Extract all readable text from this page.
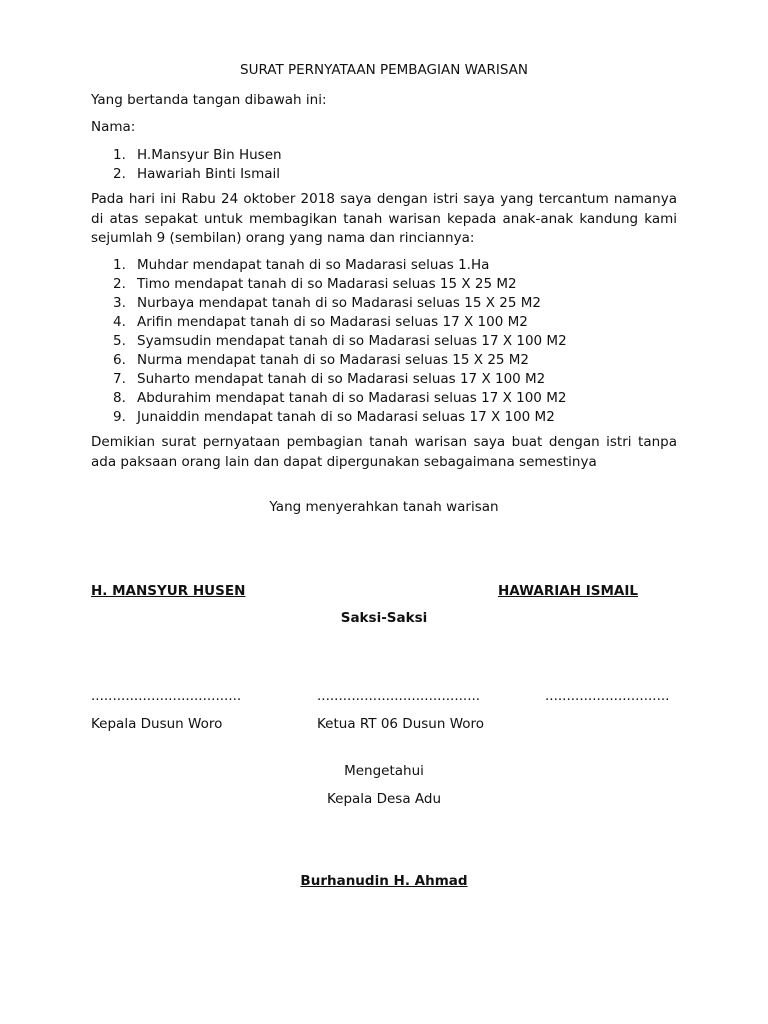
SURAT PERNYATAAN PEMBAGIAN WARISAN
Yang bertanda tangan dibawah ini:
Nama:
1. H.Mansyur Bin Husen
2. Hawariah Binti Ismail
Pada hari ini Rabu 24 oktober 2018 saya dengan istri saya yang tercantum namanya di atas sepakat untuk membagikan tanah warisan kepada anak-anak kandung kami sejumlah 9 (sembilan) orang yang nama dan rinciannya:
1. Muhdar mendapat tanah di so Madarasi seluas 1.Ha
2. Timo mendapat tanah di so Madarasi seluas 15 X 25 M2
3. Nurbaya mendapat tanah di so Madarasi seluas 15 X 25 M2
4. Arifin mendapat tanah di so Madarasi seluas 17 X 100 M2
5. Syamsudin mendapat tanah di so Madarasi seluas 17 X 100 M2
6. Nurma mendapat tanah di so Madarasi seluas 15 X 25 M2
7. Suharto mendapat tanah di so Madarasi seluas 17 X 100 M2
8. Abdurahim mendapat tanah di so Madarasi seluas 17 X 100 M2
9. Junaiddin mendapat tanah di so Madarasi seluas 17 X 100 M2
Demikian surat pernyataan pembagian tanah warisan saya buat dengan istri tanpa ada paksaan orang lain dan dapat dipergunakan sebagaimana semestinya
Yang menyerahkan tanah warisan
H. MANSYUR HUSEN	HAWARIAH ISMAIL
Saksi-Saksi
...................................	......................................	.............................
Kepala Dusun Woro	Ketua RT 06 Dusun Woro
Mengetahui
Kepala Desa Adu
Burhanudin H. Ahmad
